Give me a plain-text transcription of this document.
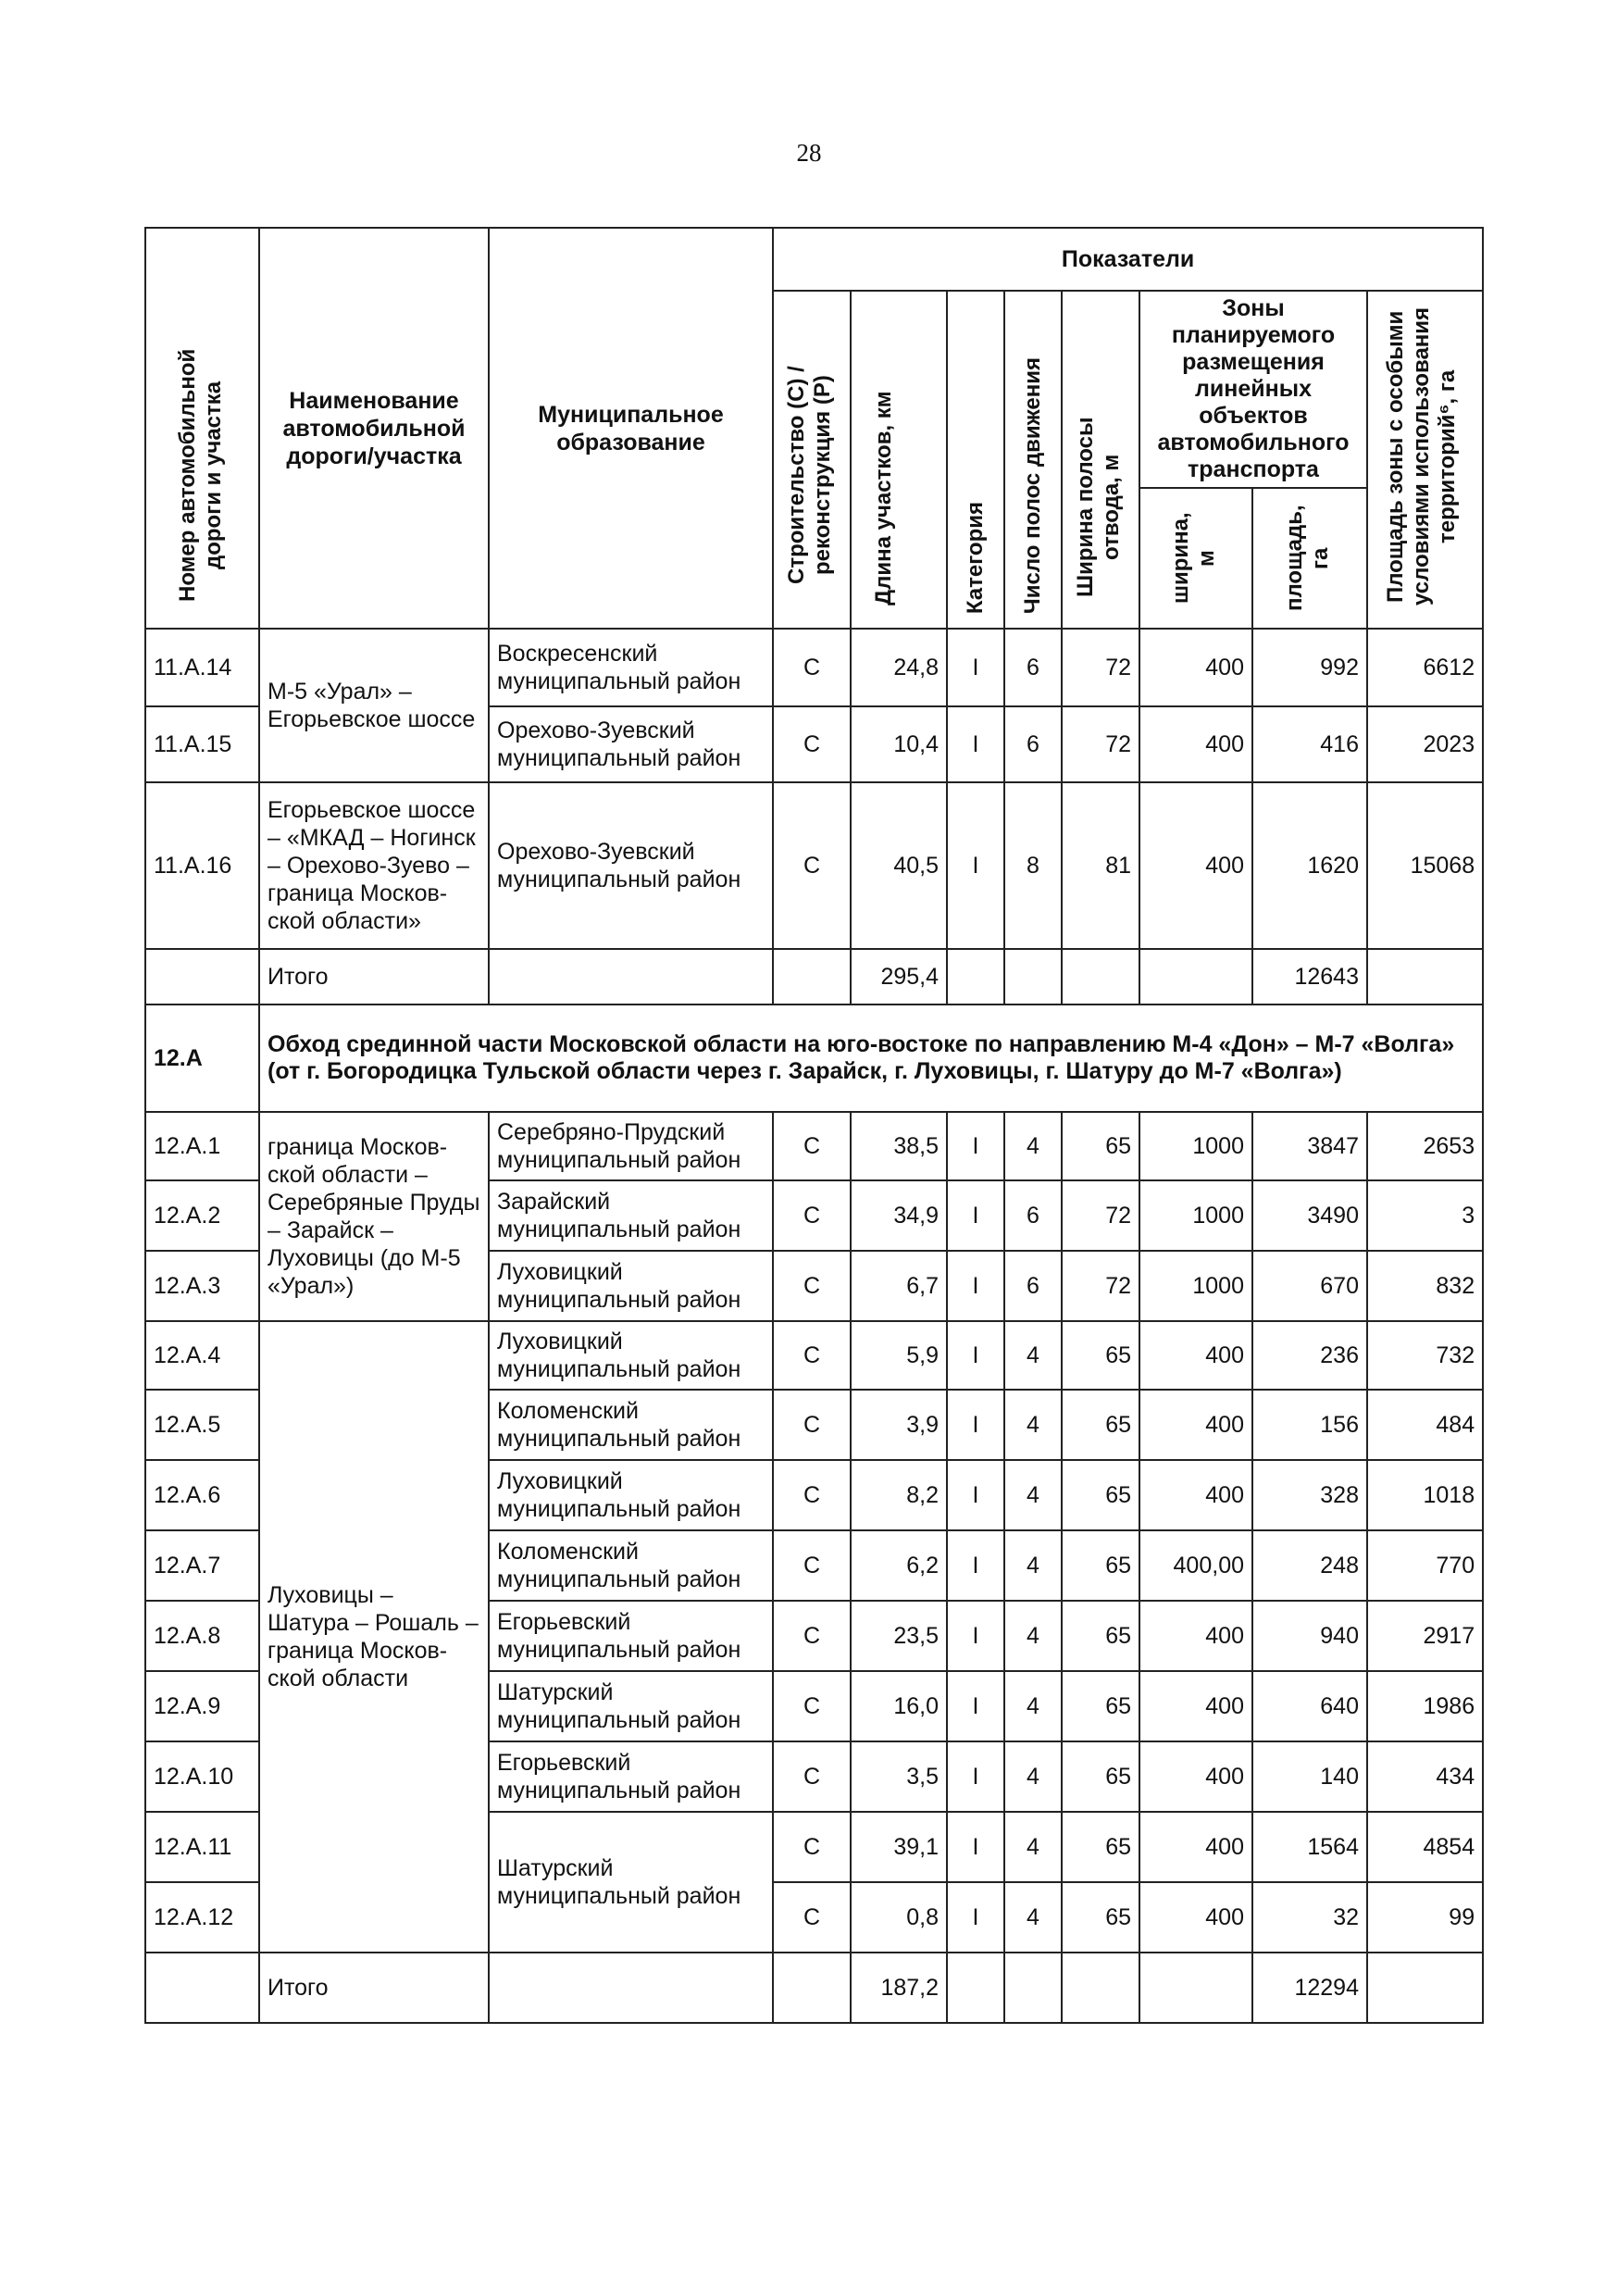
28
Номер автомобильной дороги и участка	Наименование автомобильной дороги/участка	Муниципальное образование	Показатели							
			Строительство (С) / реконструкция (Р)	Длина участков, км	Категория	Число полос движения	Ширина полосы отвода, м	Зоны планируемого размещения линейных объектов автомобильного транспорта		Площадь зоны с особыми условиями использования территорий⁶, га
								ширина, м	площадь, га	
11.А.14	М-5 «Урал» – Егорьевское шоссе	Воскресенский муниципальный район	С	24,8	I	6	72	400	992	6612
11.А.15		Орехово-Зуевский муниципальный район	С	10,4	I	6	72	400	416	2023
11.А.16	Егорьевское шоссе – «МКАД – Ногинск – Орехово-Зуево – граница Москов-ской области»	Орехово-Зуевский муниципальный район	С	40,5	I	8	81	400	1620	15068
	Итого			295,4					12643	
12.А	Обход срединной части Московской области на юго-востоке по направлению М-4 «Дон» – М-7 «Волга» (от г. Богородицка Тульской области через г. Зарайск, г. Луховицы, г. Шатуру до М-7 «Волга»)									
12.А.1	граница Москов-ской области – Серебряные Пруды – Зарайск – Луховицы (до М-5 «Урал»)	Серебряно-Прудский муниципальный район	С	38,5	I	4	65	1000	3847	2653
12.А.2		Зарайский муниципальный район	С	34,9	I	6	72	1000	3490	3
12.А.3		Луховицкий муниципальный район	С	6,7	I	6	72	1000	670	832
12.А.4	Луховицы – Шатура – Рошаль – граница Москов-ской области	Луховицкий муниципальный район	С	5,9	I	4	65	400	236	732
12.А.5		Коломенский муниципальный район	С	3,9	I	4	65	400	156	484
12.А.6		Луховицкий муниципальный район	С	8,2	I	4	65	400	328	1018
12.А.7		Коломенский муниципальный район	С	6,2	I	4	65	400,00	248	770
12.А.8		Егорьевский муниципальный район	С	23,5	I	4	65	400	940	2917
12.А.9		Шатурский муниципальный район	С	16,0	I	4	65	400	640	1986
12.А.10		Егорьевский муниципальный район	С	3,5	I	4	65	400	140	434
12.А.11		Шатурский муниципальный район	С	39,1	I	4	65	400	1564	4854
12.А.12			С	0,8	I	4	65	400	32	99
	Итого			187,2					12294	
